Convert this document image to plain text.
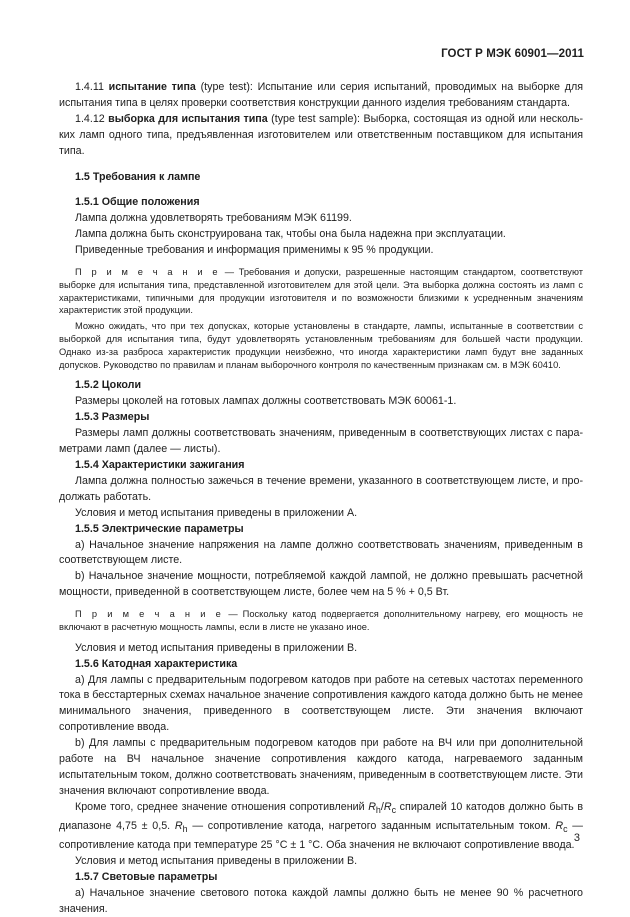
ГОСТ Р МЭК 60901—2011

1.4.11 испытание типа (type test): Испытание или серия испытаний, проводимых на выборке для испытания типа в целях проверки соответствия конструкции данного изделия требованиям стандарта.

1.4.12 выборка для испытания типа (type test sample): Выборка, состоящая из одной или нескольких ламп одного типа, предъявленная изготовителем или ответственным поставщиком для испытания типа.

1.5 Требования к лампе
1.5.1 Общие положения

Лампа должна удовлетворять требованиям МЭК 61199.

Лампа должна быть сконструирована так, чтобы она была надежна при эксплуатации.

Приведенные требования и информация применимы к 95 % продукции.

П р и м е ч а н и е — Требования и допуски, разрешенные настоящим стандартом, соответствуют выборке для испытания типа, представленной изготовителем для этой цели. Эта выборка должна состоять из ламп с характеристиками, типичными для продукции изготовителя и по возможности близкими к усредненным значениям характеристик этой продукции.

Можно ожидать, что при тех допусках, которые установлены в стандарте, лампы, испытанные в соответствии с выборкой для испытания типа, будут удовлетворять установленным требованиям для большей части продукции. Однако из-за разброса характеристик продукции неизбежно, что иногда характеристики ламп будут вне заданных допусков. Руководство по правилам и планам выборочного контроля по качественным признакам см. в МЭК 60410.

1.5.2 Цоколи

Размеры цоколей на готовых лампах должны соответствовать МЭК 60061-1.

1.5.3 Размеры

Размеры ламп должны соответствовать значениям, приведенным в соответствующих листах с параметрами ламп (далее — листы).

1.5.4 Характеристики зажигания

Лампа должна полностью зажечься в течение времени, указанного в соответствующем листе, и продолжать работать.

Условия и метод испытания приведены в приложении А.

1.5.5 Электрические параметры

а) Начальное значение напряжения на лампе должно соответствовать значениям, приведенным в соответствующем листе.

b) Начальное значение мощности, потребляемой каждой лампой, не должно превышать расчетной мощности, приведенной в соответствующем листе, более чем на 5 % + 0,5 Вт.

П р и м е ч а н и е — Поскольку катод подвергается дополнительному нагреву, его мощность не включают в расчетную мощность лампы, если в листе не указано иное.

Условия и метод испытания приведены в приложении В.

1.5.6 Катодная характеристика

а) Для лампы с предварительным подогревом катодов при работе на сетевых частотах переменного тока в бесстартерных схемах начальное значение сопротивления каждого катода должно быть не менее минимального значения, приведенного в соответствующем листе. Эти значения включают сопротивление ввода.

b) Для лампы с предварительным подогревом катодов при работе на ВЧ или при дополнительной работе на ВЧ начальное значение сопротивления каждого катода, нагреваемого заданным испытательным током, должно соответствовать значениям, приведенным в соответствующем листе. Эти значения включают сопротивление ввода.

Кроме того, среднее значение отношения сопротивлений $R_h/R_с$ спиралей 10 катодов должно быть в диапазоне 4,75 ± 0,5. $R_h$ — сопротивление катода, нагретого заданным испытательным током. $R_с$ — сопротивление катода при температуре 25 °С ± 1 °С. Оба значения не включают сопротивление ввода.

Условия и метод испытания приведены в приложении В.

1.5.7 Световые параметры

а) Начальное значение светового потока каждой лампы должно быть не менее 90 % расчетного значения.

3
